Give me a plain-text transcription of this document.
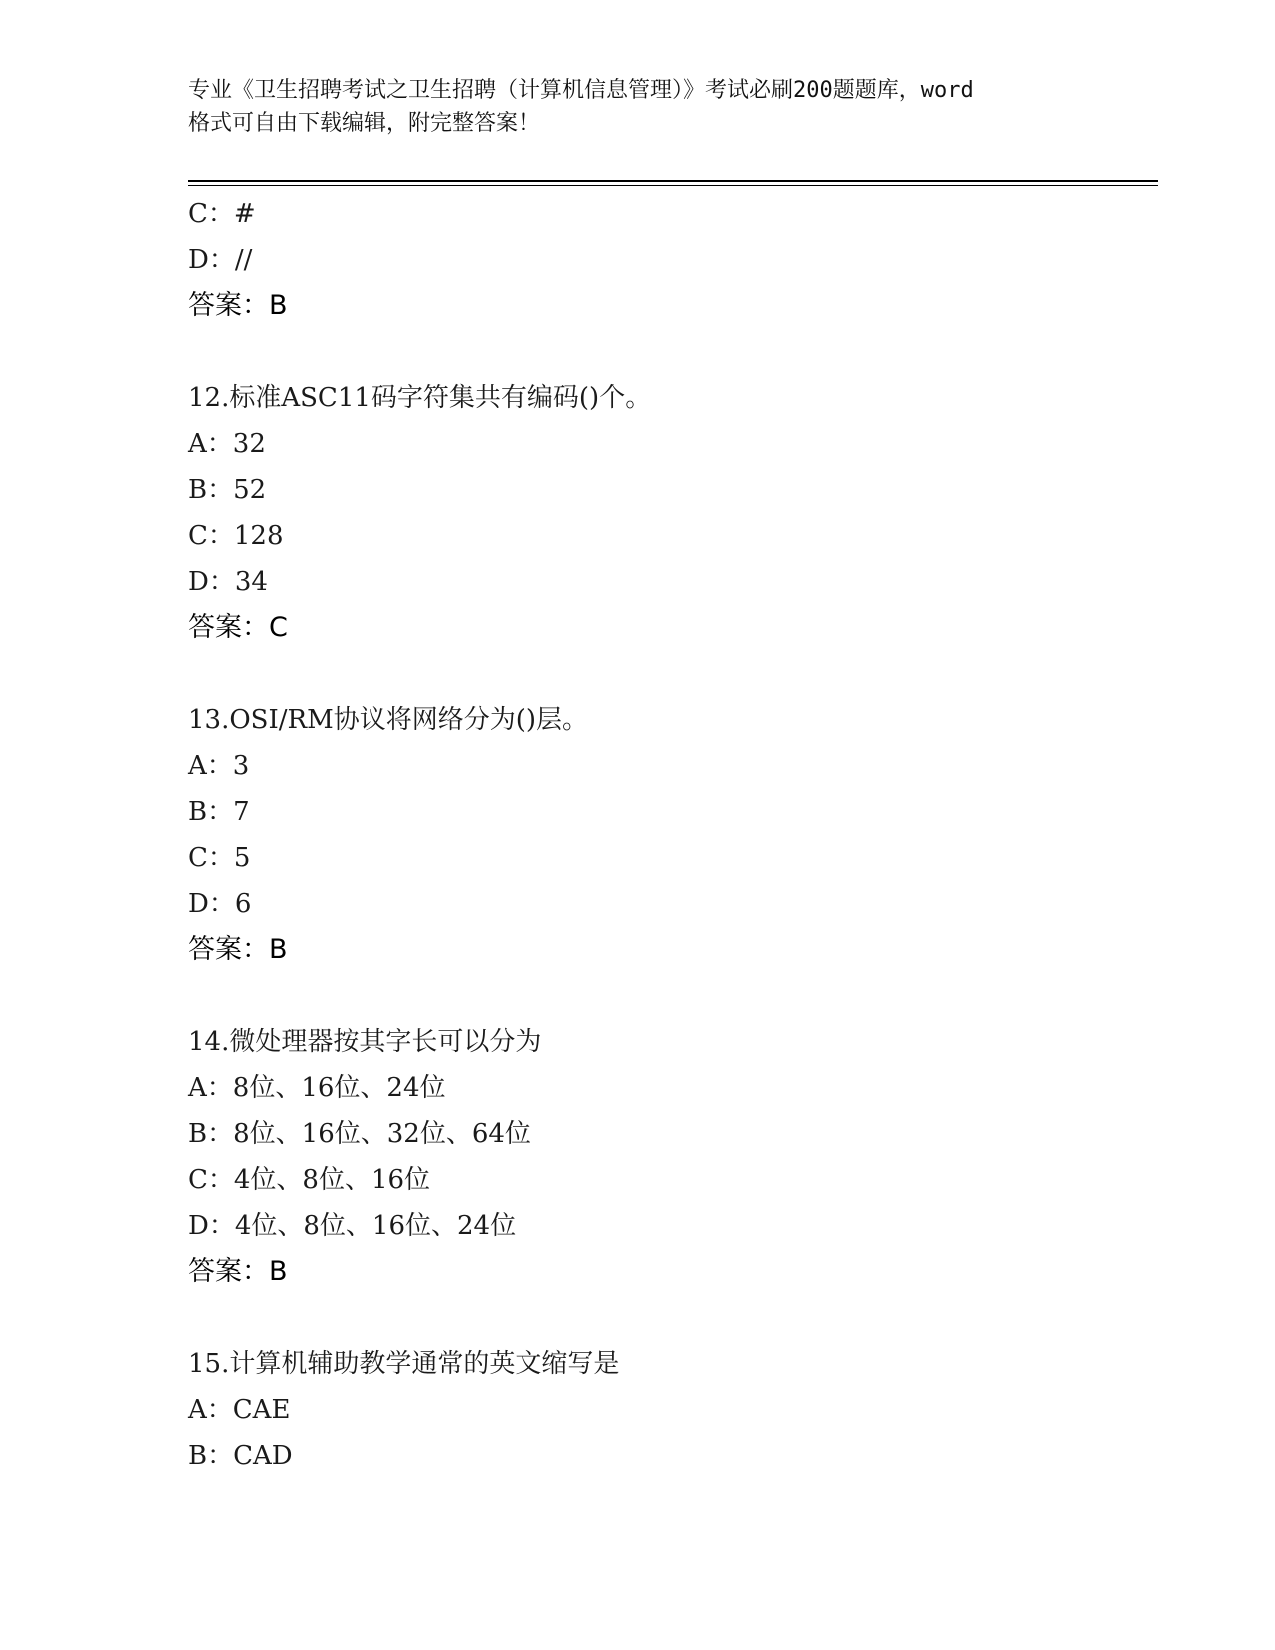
专业《卫生招聘考试之卫生招聘（计算机信息管理）》考试必刷200题题库，word
格式可自由下载编辑，附完整答案！
C：#
D：//
答案：B
12.标准ASC11码字符集共有编码()个。
A：32
B：52
C：128
D：34
答案：C
13.OSI/RM协议将网络分为()层。
A：3
B：7
C：5
D：6
答案：B
14.微处理器按其字长可以分为
A：8位、16位、24位
B：8位、16位、32位、64位
C：4位、8位、16位
D：4位、8位、16位、24位
答案：B
15.计算机辅助教学通常的英文缩写是
A：CAE
B：CAD
